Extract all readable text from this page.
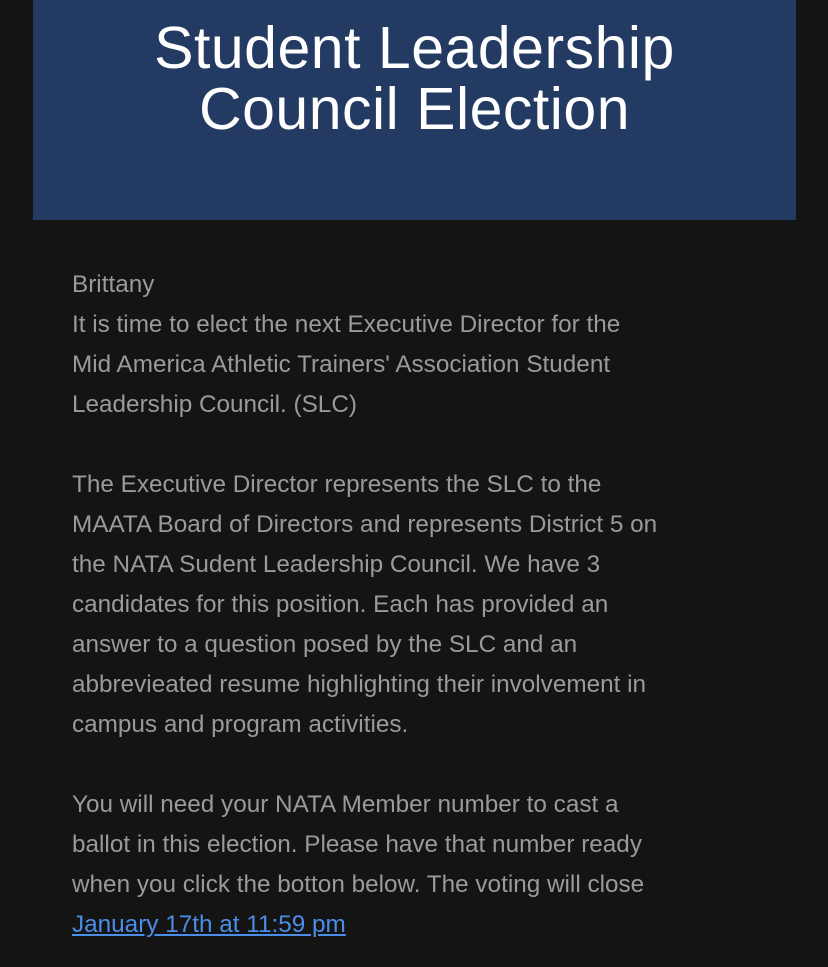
Student Leadership
Council Election

Brittany

It is time to elect the next Executive Director for the

Mid America Athletic Trainers' Association Student

Leadership Council. (SLC)

The Executive Director represents the SLC to the

MAATA Board of Directors and represents District 5 on

the NATA Sudent Leadership Council. We have 3

candidates for this position. Each has provided an

answer to a question posed by the SLC and an

abbrevieated resume highlighting their involvement in

campus and program activities.

You will need your NATA Member number to cast a

ballot in this election. Please have that number ready

when you click the botton below. The voting will close

January 17th at 11:59 pm
